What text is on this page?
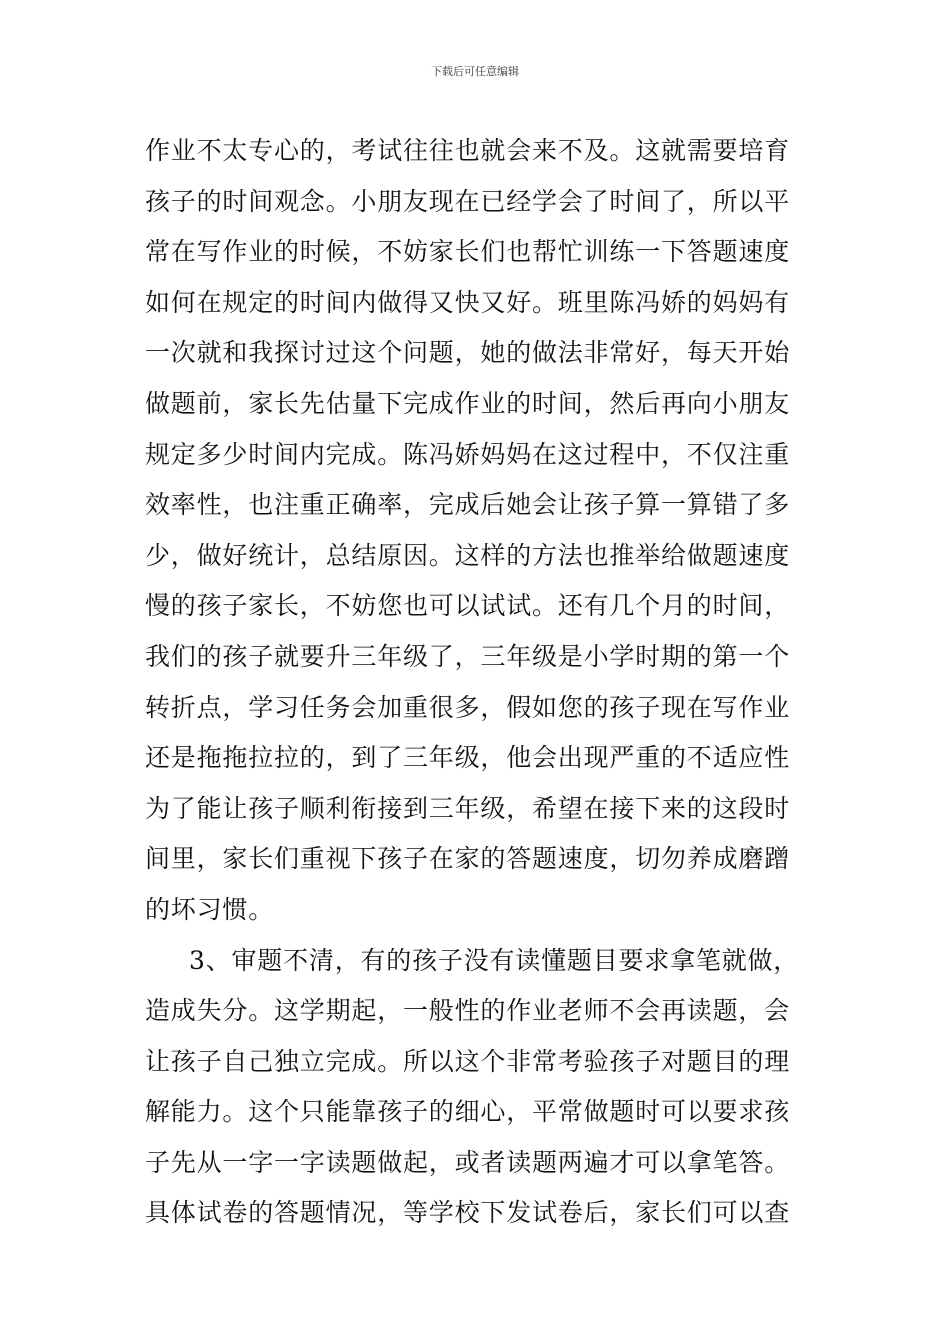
下载后可任意编辑
作业不太专心的，考试往往也就会来不及。这就需要培育
孩子的时间观念。小朋友现在已经学会了时间了，所以平
常在写作业的时候，不妨家长们也帮忙训练一下答题速度
如何在规定的时间内做得又快又好。班里陈冯娇的妈妈有
一次就和我探讨过这个问题，她的做法非常好，每天开始
做题前，家长先估量下完成作业的时间，然后再向小朋友
规定多少时间内完成。陈冯娇妈妈在这过程中，不仅注重
效率性，也注重正确率，完成后她会让孩子算一算错了多
少，做好统计，总结原因。这样的方法也推举给做题速度
慢的孩子家长，不妨您也可以试试。还有几个月的时间，
我们的孩子就要升三年级了，三年级是小学时期的第一个
转折点，学习任务会加重很多，假如您的孩子现在写作业
还是拖拖拉拉的，到了三年级，他会出现严重的不适应性
为了能让孩子顺利衔接到三年级，希望在接下来的这段时
间里，家长们重视下孩子在家的答题速度，切勿养成磨蹭
的坏习惯。
3、审题不清，有的孩子没有读懂题目要求拿笔就做，
造成失分。这学期起，一般性的作业老师不会再读题，会
让孩子自己独立完成。所以这个非常考验孩子对题目的理
解能力。这个只能靠孩子的细心，平常做题时可以要求孩
子先从一字一字读题做起，或者读题两遍才可以拿笔答。
具体试卷的答题情况，等学校下发试卷后，家长们可以查
